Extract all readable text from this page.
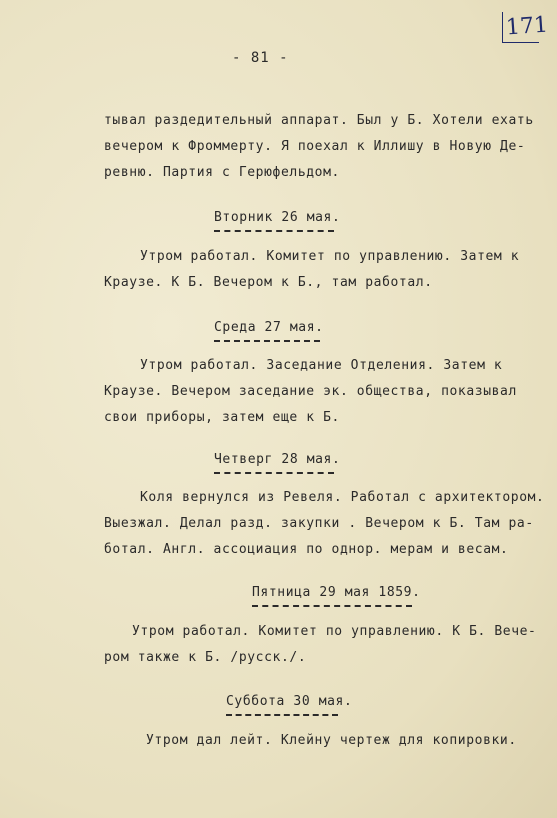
171
- 81 -
тывал раздедительный аппарат. Был у Б. Хотели ехать
вечером к Фроммерту. Я поехал к Иллишу в Новую Де-
ревню. Партия с Герюфельдом.
Вторник 26 мая.
Утром работал. Комитет по управлению. Затем к
Краузе. К Б. Вечером к Б., там работал.
Среда 27 мая.
Утром работал. Заседание Отделения. Затем к
Краузе. Вечером заседание эк. общества, показывал
свои приборы, затем еще к Б.
Четверг 28 мая.
Коля вернулся из Ревеля. Работал с архитектором.
Выезжал. Делал разд. закупки . Вечером к Б. Там ра-
ботал. Англ. ассоциация по однор. мерам и весам.
Пятница 29 мая 1859.
Утром работал. Комитет по управлению. К Б. Вече-
ром также к Б. /русск./.
Суббота 30 мая.
Утром дал лейт. Клейну чертеж для копировки.
